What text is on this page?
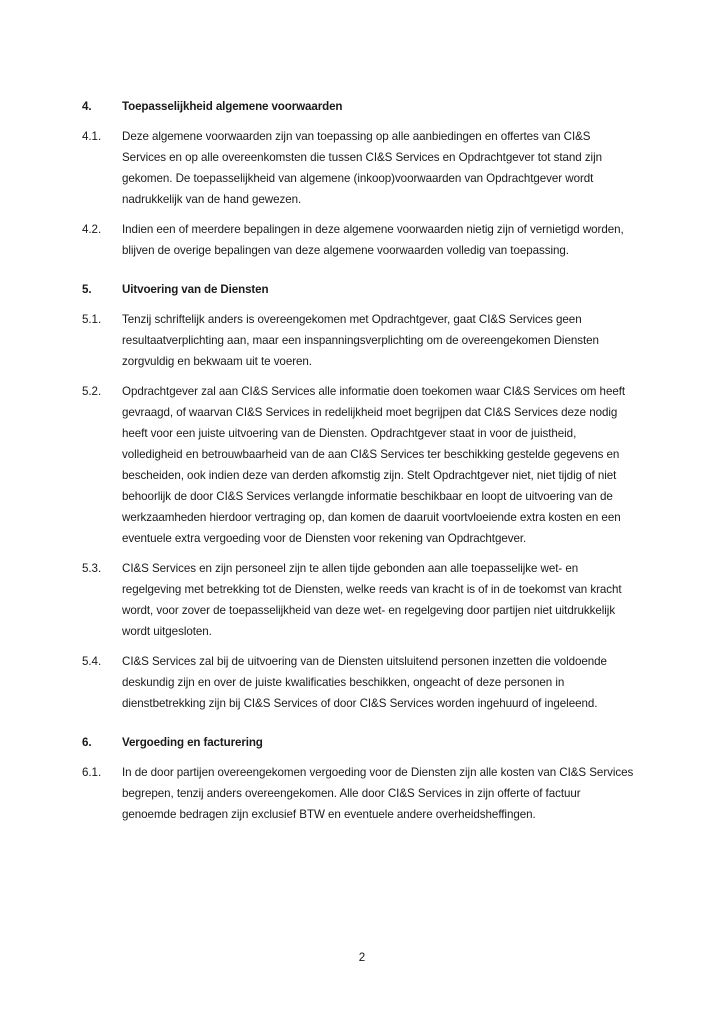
4.	Toepasselijkheid algemene voorwaarden
4.1.	Deze algemene voorwaarden zijn van toepassing op alle aanbiedingen en offertes van CI&S Services en op alle overeenkomsten die tussen CI&S Services en Opdrachtgever tot stand zijn gekomen. De toepasselijkheid van algemene (inkoop)voorwaarden van Opdrachtgever wordt nadrukkelijk van de hand gewezen.
4.2.	Indien een of meerdere bepalingen in deze algemene voorwaarden nietig zijn of vernietigd worden, blijven de overige bepalingen van deze algemene voorwaarden volledig van toepassing.
5.	Uitvoering van de Diensten
5.1.	Tenzij schriftelijk anders is overeengekomen met Opdrachtgever, gaat CI&S Services geen resultaatverplichting aan, maar een inspanningsverplichting om de overeengekomen Diensten zorgvuldig en bekwaam uit te voeren.
5.2.	Opdrachtgever zal aan CI&S Services alle informatie doen toekomen waar CI&S Services om heeft gevraagd, of waarvan CI&S Services in redelijkheid moet begrijpen dat CI&S Services deze nodig heeft voor een juiste uitvoering van de Diensten. Opdrachtgever staat in voor de juistheid, volledigheid en betrouwbaarheid van de aan CI&S Services ter beschikking gestelde gegevens en bescheiden, ook indien deze van derden afkomstig zijn. Stelt Opdrachtgever niet, niet tijdig of niet behoorlijk de door CI&S Services verlangde informatie beschikbaar en loopt de uitvoering van de werkzaamheden hierdoor vertraging op, dan komen de daaruit voortvloeiende extra kosten en een eventuele extra vergoeding voor de Diensten voor rekening van Opdrachtgever.
5.3.	CI&S Services en zijn personeel zijn te allen tijde gebonden aan alle toepasselijke wet- en regelgeving met betrekking tot de Diensten, welke reeds van kracht is of in de toekomst van kracht wordt, voor zover de toepasselijkheid van deze wet- en regelgeving door partijen niet uitdrukkelijk wordt uitgesloten.
5.4.	CI&S Services zal bij de uitvoering van de Diensten uitsluitend personen inzetten die voldoende deskundig zijn en over de juiste kwalificaties beschikken, ongeacht of deze personen in dienstbetrekking zijn bij CI&S Services of door CI&S Services worden ingehuurd of ingeleend.
6.	Vergoeding en facturering
6.1.	In de door partijen overeengekomen vergoeding voor de Diensten zijn alle kosten van CI&S Services begrepen, tenzij anders overeengekomen. Alle door CI&S Services in zijn offerte of factuur genoemde bedragen zijn exclusief BTW en eventuele andere overheidsheffingen.
2
